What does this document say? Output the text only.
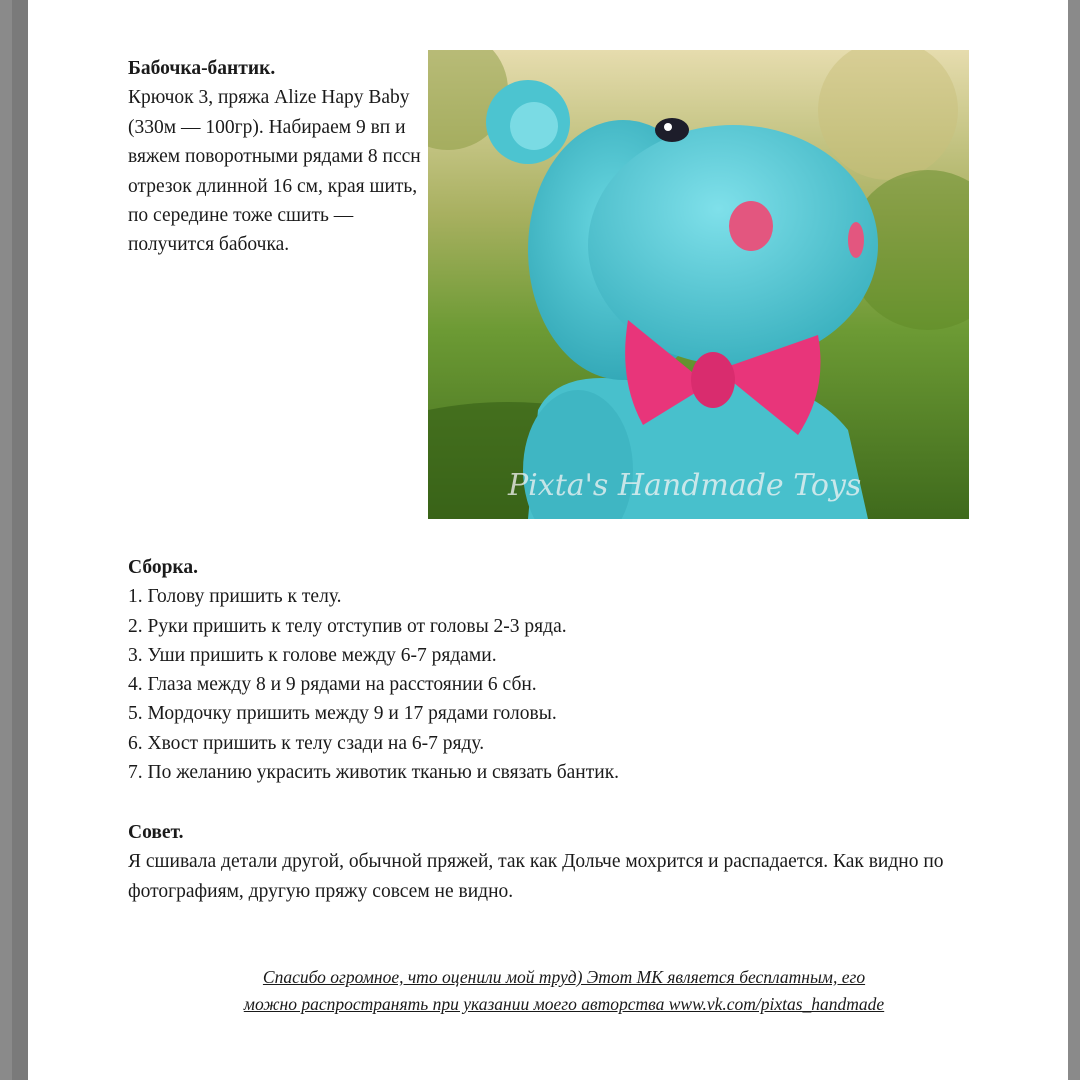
Бабочка-бантик.
Крючок 3, пряжа Alize Hapy Baby (330м — 100гр). Набираем 9 вп и вяжем поворотными рядами 8 пссн отрезок длинной 16 см, края шить, по середине тоже сшить — получится бабочка.
Pixta's Handmade Toys
Сборка.
1. Голову пришить к телу.
2. Руки пришить к телу отступив от головы 2-3 ряда.
3. Уши пришить к голове между 6-7 рядами.
4. Глаза между 8 и 9 рядами на расстоянии 6 сбн.
5. Мордочку пришить между 9 и 17 рядами головы.
6. Хвост пришить к телу сзади на 6-7 ряду.
7. По желанию украсить животик тканью и связать бантик.
Совет.
Я сшивала детали другой, обычной пряжей, так как Дольче мохрится и распадается. Как видно по фотографиям, другую пряжу совсем не видно.
Спасибо огромное, что оценили мой труд) Этот МК является бесплатным, его
можно распространять при указании моего авторства www.vk.com/pixtas_handmade
